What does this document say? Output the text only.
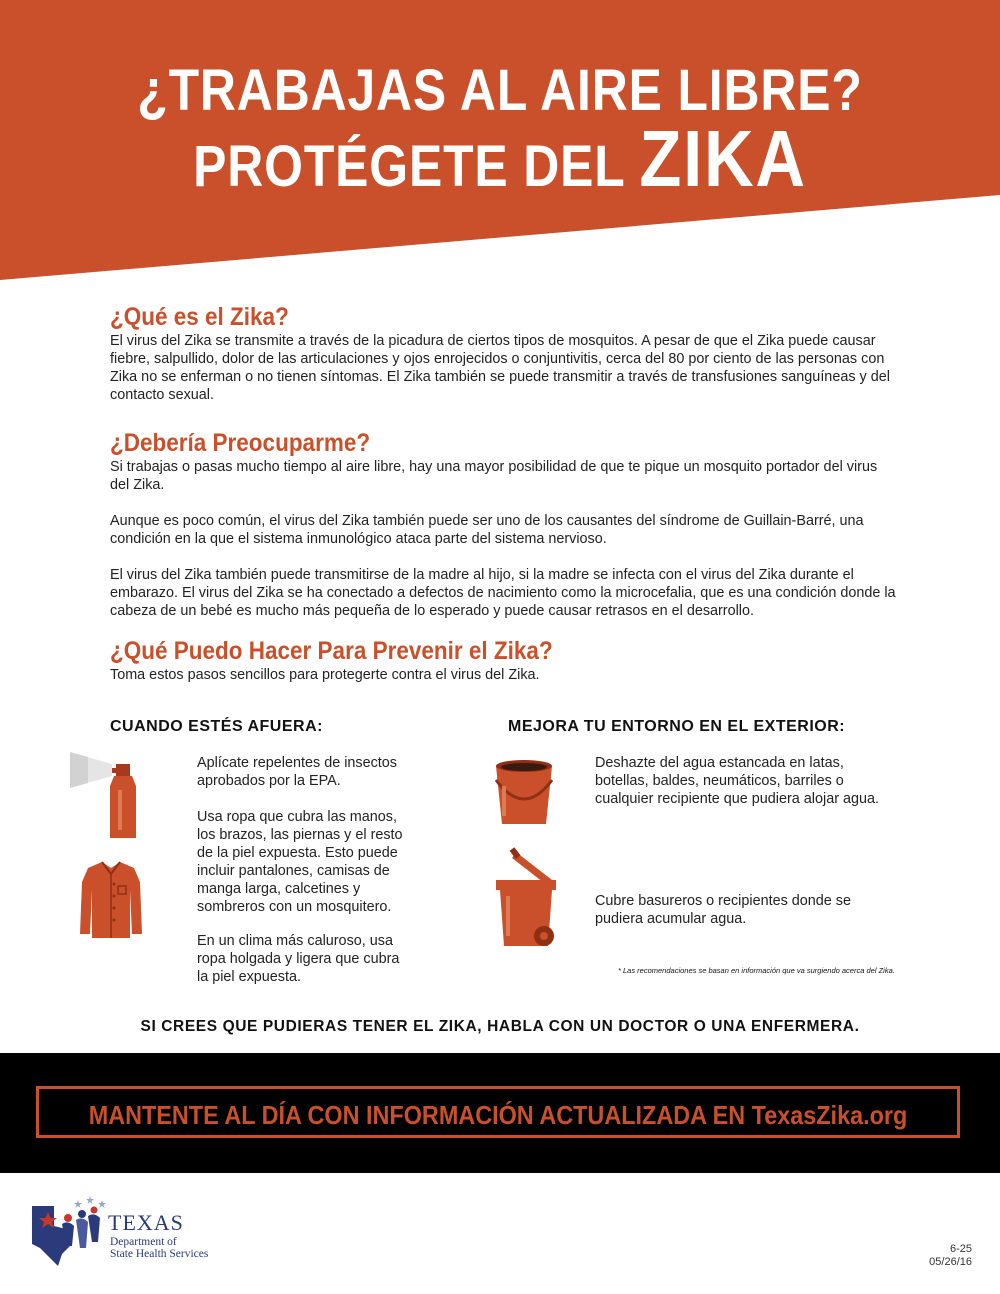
¿TRABAJAS AL AIRE LIBRE?
PROTÉGETE DEL ZIKA
¿Qué es el Zika?

El virus del Zika se transmite a través de la picadura de ciertos tipos de mosquitos. A pesar de que el Zika puede causar fiebre, salpullido, dolor de las articulaciones y ojos enrojecidos o conjuntivitis, cerca del 80 por ciento de las personas con Zika no se enferman o no tienen síntomas. El Zika también se puede transmitir a través de transfusiones sanguíneas y del contacto sexual.

¿Debería Preocuparme?

Si trabajas o pasas mucho tiempo al aire libre, hay una mayor posibilidad de que te pique un mosquito portador del virus del Zika.

Aunque es poco común, el virus del Zika también puede ser uno de los causantes del síndrome de Guillain-Barré, una condición en la que el sistema inmunológico ataca parte del sistema nervioso.

El virus del Zika también puede transmitirse de la madre al hijo, si la madre se infecta con el virus del Zika durante el embarazo. El virus del Zika se ha conectado a defectos de nacimiento como la microcefalia, que es una condición donde la cabeza de un bebé es mucho más pequeña de lo esperado y puede causar retrasos en el desarrollo.

¿Qué Puedo Hacer Para Prevenir el Zika?

Toma estos pasos sencillos para protegerte contra el virus del Zika.

CUANDO ESTÉS AFUERA:

Aplícate repelentes de insectos aprobados por la EPA.

Usa ropa que cubra las manos, los brazos, las piernas y el resto de la piel expuesta. Esto puede incluir pantalones, camisas de manga larga, calcetines y sombreros con un mosquitero.

En un clima más caluroso, usa ropa holgada y ligera que cubra la piel expuesta.

MEJORA TU ENTORNO EN EL EXTERIOR:

Deshazte del agua estancada en latas, botellas, baldes, neumáticos, barriles o cualquier recipiente que pudiera alojar agua.

Cubre basureros o recipientes donde se pudiera acumular agua.

* Las recomendaciones se basan en información que va surgiendo acerca del Zika.
SI CREES QUE PUDIERAS TENER EL ZIKA, HABLA CON UN DOCTOR O UNA ENFERMERA.
MANTENTE AL DÍA CON INFORMACIÓN ACTUALIZADA EN TexasZika.org
TEXAS
Department of
State Health Services	6-25
05/26/16
